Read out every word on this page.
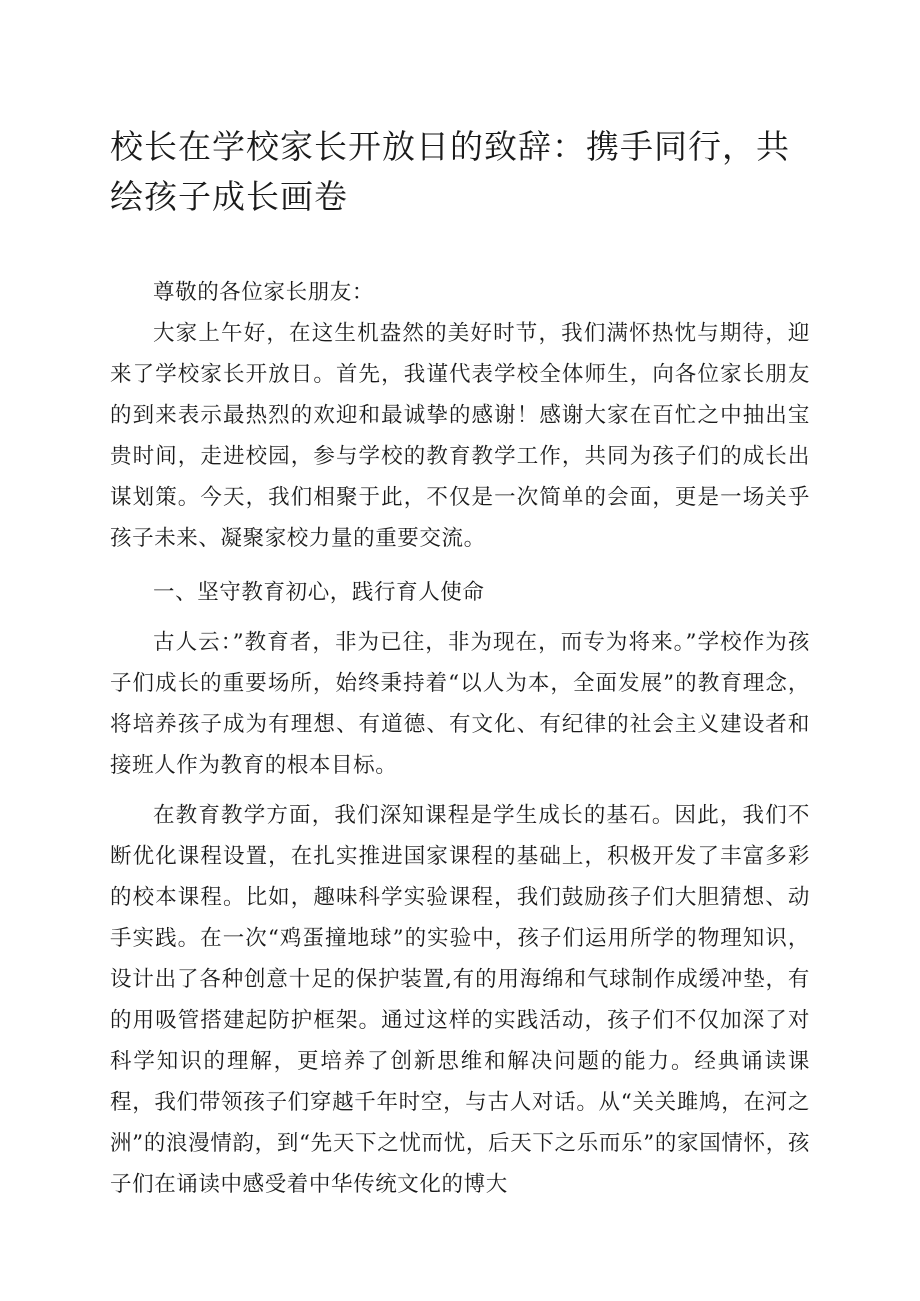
校长在学校家长开放日的致辞：携手同行，共绘孩子成长画卷

尊敬的各位家长朋友：

大家上午好，在这生机盎然的美好时节，我们满怀热忱与期待，迎来了学校家长开放日。首先，我谨代表学校全体师生，向各位家长朋友的到来表示最热烈的欢迎和最诚挚的感谢！感谢大家在百忙之中抽出宝贵时间，走进校园，参与学校的教育教学工作，共同为孩子们的成长出谋划策。今天，我们相聚于此，不仅是一次简单的会面，更是一场关乎孩子未来、凝聚家校力量的重要交流。

一、坚守教育初心，践行育人使命

古人云：”教育者，非为已往，非为现在，而专为将来。”学校作为孩子们成长的重要场所，始终秉持着“以人为本，全面发展”的教育理念，将培养孩子成为有理想、有道德、有文化、有纪律的社会主义建设者和接班人作为教育的根本目标。

在教育教学方面，我们深知课程是学生成长的基石。因此，我们不断优化课程设置，在扎实推进国家课程的基础上，积极开发了丰富多彩的校本课程。比如，趣味科学实验课程，我们鼓励孩子们大胆猜想、动手实践。在一次“鸡蛋撞地球”的实验中，孩子们运用所学的物理知识，设计出了各种创意十足的保护装置,有的用海绵和气球制作成缓冲垫，有的用吸管搭建起防护框架。通过这样的实践活动，孩子们不仅加深了对科学知识的理解，更培养了创新思维和解决问题的能力。经典诵读课程，我们带领孩子们穿越千年时空，与古人对话。从“关关雎鸠，在河之洲”的浪漫情韵，到“先天下之忧而忧，后天下之乐而乐”的家国情怀，孩子们在诵读中感受着中华传统文化的博大
